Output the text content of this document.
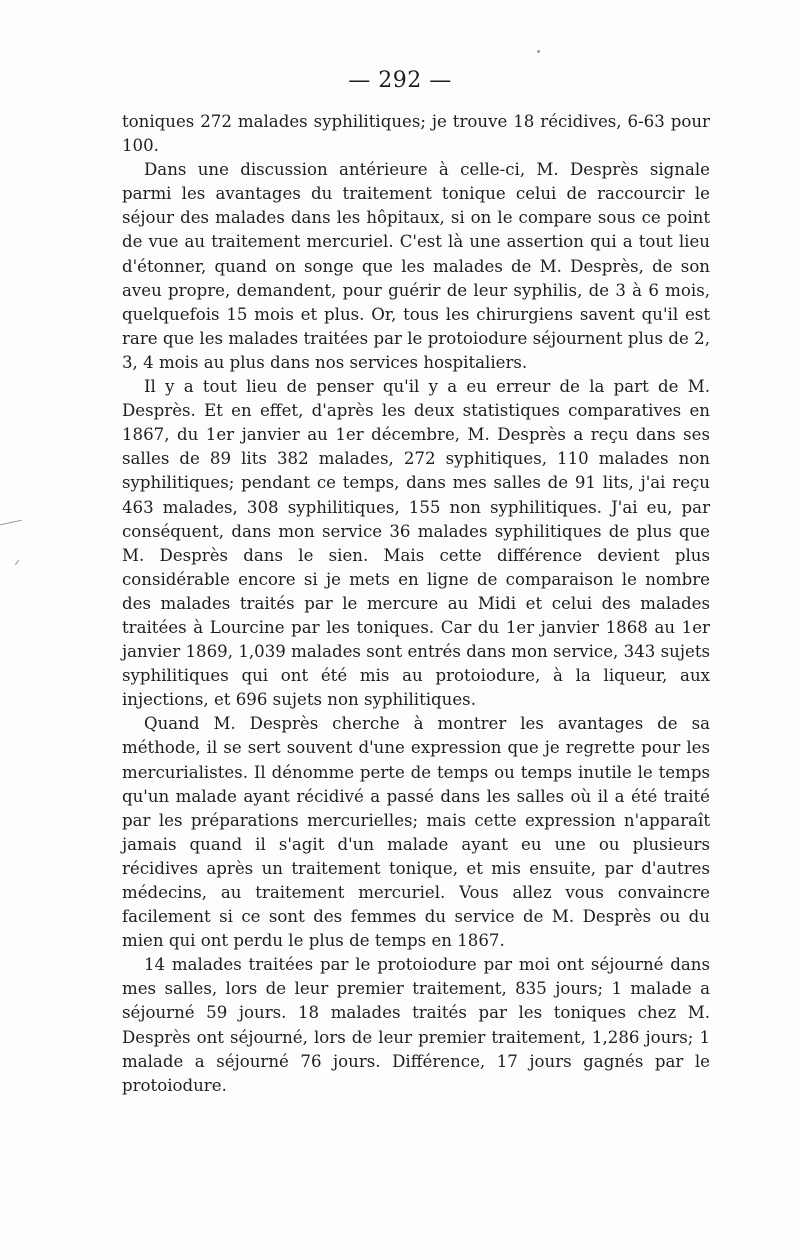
— 292 —

toniques 272 malades syphilitiques; je trouve 18 récidives, 6-63 pour 100.

Dans une discussion antérieure à celle-ci, M. Desprès signale parmi les avantages du traitement tonique celui de raccourcir le séjour des malades dans les hôpitaux, si on le compare sous ce point de vue au traitement mercuriel. C'est là une assertion qui a tout lieu d'étonner, quand on songe que les malades de M. Desprès, de son aveu propre, demandent, pour guérir de leur syphilis, de 3 à 6 mois, quelquefois 15 mois et plus. Or, tous les chirurgiens savent qu'il est rare que les malades traitées par le protoiodure séjournent plus de 2, 3, 4 mois au plus dans nos services hospitaliers.

Il y a tout lieu de penser qu'il y a eu erreur de la part de M. Desprès. Et en effet, d'après les deux statistiques comparatives en 1867, du 1er janvier au 1er décembre, M. Desprès a reçu dans ses salles de 89 lits 382 malades, 272 syphitiques, 110 malades non syphilitiques; pendant ce temps, dans mes salles de 91 lits, j'ai reçu 463 malades, 308 syphilitiques, 155 non syphilitiques. J'ai eu, par conséquent, dans mon service 36 malades syphilitiques de plus que M. Desprès dans le sien. Mais cette différence devient plus considérable encore si je mets en ligne de comparaison le nombre des malades traités par le mercure au Midi et celui des malades traitées à Lourcine par les toniques. Car du 1er janvier 1868 au 1er janvier 1869, 1,039 malades sont entrés dans mon service, 343 sujets syphilitiques qui ont été mis au protoiodure, à la liqueur, aux injections, et 696 sujets non syphilitiques.

Quand M. Desprès cherche à montrer les avantages de sa méthode, il se sert souvent d'une expression que je regrette pour les mercurialistes. Il dénomme perte de temps ou temps inutile le temps qu'un malade ayant récidivé a passé dans les salles où il a été traité par les préparations mercurielles; mais cette expression n'apparaît jamais quand il s'agit d'un malade ayant eu une ou plusieurs récidives après un traitement tonique, et mis ensuite, par d'autres médecins, au traitement mercuriel. Vous allez vous convaincre facilement si ce sont des femmes du service de M. Desprès ou du mien qui ont perdu le plus de temps en 1867.

14 malades traitées par le protoiodure par moi ont séjourné dans mes salles, lors de leur premier traitement, 835 jours; 1 malade a séjourné 59 jours. 18 malades traités par les toniques chez M. Desprès ont séjourné, lors de leur premier traitement, 1,286 jours; 1 malade a séjourné 76 jours. Différence, 17 jours gagnés par le protoiodure.
